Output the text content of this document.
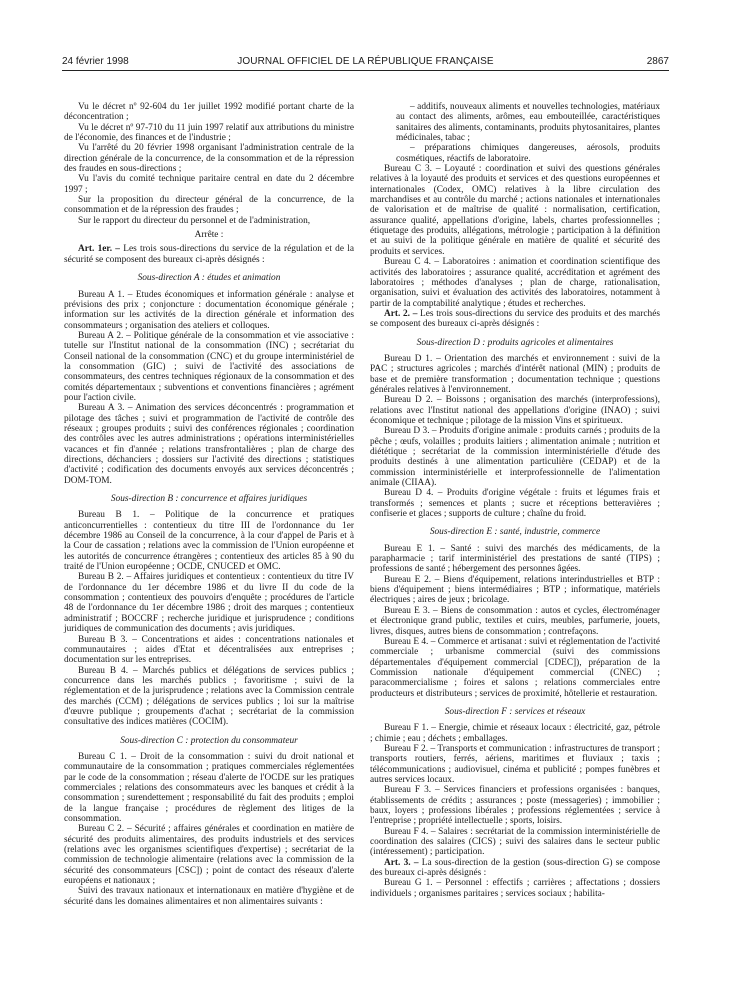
24 février 1998	JOURNAL OFFICIEL DE LA RÉPUBLIQUE FRANÇAISE	2867

Vu le décret nº 92-604 du 1er juillet 1992 modifié portant charte de la déconcentration ;

Vu le décret nº 97-710 du 11 juin 1997 relatif aux attributions du ministre de l'économie, des finances et de l'industrie ;

Vu l'arrêté du 20 février 1998 organisant l'administration centrale de la direction générale de la concurrence, de la consommation et de la répression des fraudes en sous-directions ;

Vu l'avis du comité technique paritaire central en date du 2 décembre 1997 ;

Sur la proposition du directeur général de la concurrence, de la consommation et de la répression des fraudes ;

Sur le rapport du directeur du personnel et de l'administration,

Arrête :

Art. 1er. – Les trois sous-directions du service de la régulation et de la sécurité se composent des bureaux ci-après désignés :

Sous-direction A : études et animation

Bureau A 1. – Etudes économiques et information générale : analyse et prévisions des prix ; conjoncture : documentation économique générale ; information sur les activités de la direction générale et information des consommateurs ; organisation des ateliers et colloques.

Bureau A 2. – Politique générale de la consommation et vie associative : tutelle sur l'Institut national de la consommation (INC) ; secrétariat du Conseil national de la consommation (CNC) et du groupe interministériel de la consommation (GIC) ; suivi de l'activité des associations de consommateurs, des centres techniques régionaux de la consommation et des comités départementaux ; subventions et conventions financières ; agrément pour l'action civile.

Bureau A 3. – Animation des services déconcentrés : programmation et pilotage des tâches ; suivi et programmation de l'activité de contrôle des réseaux ; groupes produits ; suivi des conférences régionales ; coordination des contrôles avec les autres administrations ; opérations interministérielles vacances et fin d'année ; relations transfrontalières ; plan de charge des directions, déchanciers ; dossiers sur l'activité des directions ; statistiques d'activité ; codification des documents envoyés aux services déconcentrés ; DOM-TOM.

Sous-direction B : concurrence et affaires juridiques

Bureau B 1. – Politique de la concurrence et pratiques anticoncurrentielles : contentieux du titre III de l'ordonnance du 1er décembre 1986 au Conseil de la concurrence, à la cour d'appel de Paris et à la Cour de cassation ; relations avec la commission de l'Union européenne et les autorités de concurrence étrangères ; contentieux des articles 85 à 90 du traité de l'Union européenne ; OCDE, CNUCED et OMC.

Bureau B 2. – Affaires juridiques et contentieux : contentieux du titre IV de l'ordonnance du 1er décembre 1986 et du livre II du code de la consommation ; contentieux des pouvoirs d'enquête ; procédures de l'article 48 de l'ordonnance du 1er décembre 1986 ; droit des marques ; contentieux administratif ; BOCCRF ; recherche juridique et jurisprudence ; conditions juridiques de communication des documents ; avis juridiques.

Bureau B 3. – Concentrations et aides : concentrations nationales et communautaires ; aides d'Etat et décentralisées aux entreprises ; documentation sur les entreprises.

Bureau B 4. – Marchés publics et délégations de services publics ; concurrence dans les marchés publics ; favoritisme ; suivi de la réglementation et de la jurisprudence ; relations avec la Commission centrale des marchés (CCM) ; délégations de services publics ; loi sur la maîtrise d'œuvre publique ; groupements d'achat ; secrétariat de la commission consultative des indices matières (COCIM).

Sous-direction C : protection du consommateur

Bureau C 1. – Droit de la consommation : suivi du droit national et communautaire de la consommation ; pratiques commerciales réglementées par le code de la consommation ; réseau d'alerte de l'OCDE sur les pratiques commerciales ; relations des consommateurs avec les banques et crédit à la consommation ; surendettement ; responsabilité du fait des produits ; emploi de la langue française ; procédures de règlement des litiges de la consommation.

Bureau C 2. – Sécurité ; affaires générales et coordination en matière de sécurité des produits alimentaires, des produits industriels et des services (relations avec les organismes scientifiques d'expertise) ; secrétariat de la commission de technologie alimentaire (relations avec la commission de la sécurité des consommateurs [CSC]) ; point de contact des réseaux d'alerte européens et nationaux ;

Suivi des travaux nationaux et internationaux en matière d'hygiène et de sécurité dans les domaines alimentaires et non alimentaires suivants :

– additifs, nouveaux aliments et nouvelles technologies, matériaux au contact des aliments, arômes, eau embouteillée, caractéristiques sanitaires des aliments, contaminants, produits phytosanitaires, plantes médicinales, tabac ;

– préparations chimiques dangereuses, aérosols, produits cosmétiques, réactifs de laboratoire.

Bureau C 3. – Loyauté : coordination et suivi des questions générales relatives à la loyauté des produits et services et des questions européennes et internationales (Codex, OMC) relatives à la libre circulation des marchandises et au contrôle du marché ; actions nationales et internationales de valorisation et de maîtrise de qualité : normalisation, certification, assurance qualité, appellations d'origine, labels, chartes professionnelles ; étiquetage des produits, allégations, métrologie ; participation à la définition et au suivi de la politique générale en matière de qualité et sécurité des produits et services.

Bureau C 4. – Laboratoires : animation et coordination scientifique des activités des laboratoires ; assurance qualité, accréditation et agrément des laboratoires ; méthodes d'analyses ; plan de charge, rationalisation, organisation, suivi et évaluation des activités des laboratoires, notamment à partir de la comptabilité analytique ; études et recherches.

Art. 2. – Les trois sous-directions du service des produits et des marchés se composent des bureaux ci-après désignés :

Sous-direction D : produits agricoles et alimentaires

Bureau D 1. – Orientation des marchés et environnement : suivi de la PAC ; structures agricoles ; marchés d'intérêt national (MIN) ; produits de base et de première transformation ; documentation technique ; questions générales relatives à l'environnement.

Bureau D 2. – Boissons ; organisation des marchés (interprofessions), relations avec l'Institut national des appellations d'origine (INAO) ; suivi économique et technique ; pilotage de la mission Vins et spiritueux.

Bureau D 3. – Produits d'origine animale : produits carnés ; produits de la pêche ; œufs, volailles ; produits laitiers ; alimentation animale ; nutrition et diététique ; secrétariat de la commission interministérielle d'étude des produits destinés à une alimentation particulière (CEDAP) et de la commission interministérielle et interprofessionnelle de l'alimentation animale (CIIAA).

Bureau D 4. – Produits d'origine végétale : fruits et légumes frais et transformés ; semences et plants ; sucre et réceptions betteravières ; confiserie et glaces ; supports de culture ; chaîne du froid.

Sous-direction E : santé, industrie, commerce

Bureau E 1. – Santé : suivi des marchés des médicaments, de la parapharmacie ; tarif interministériel des prestations de santé (TIPS) ; professions de santé ; hébergement des personnes âgées.

Bureau E 2. – Biens d'équipement, relations interindustrielles et BTP : biens d'équipement ; biens intermédiaires ; BTP ; informatique, matériels électriques ; aires de jeux ; bricolage.

Bureau E 3. – Biens de consommation : autos et cycles, électroménager et électronique grand public, textiles et cuirs, meubles, parfumerie, jouets, livres, disques, autres biens de consommation ; contrefaçons.

Bureau E 4. – Commerce et artisanat : suivi et réglementation de l'activité commerciale ; urbanisme commercial (suivi des commissions départementales d'équipement commercial [CDEC]), préparation de la Commission nationale d'équipement commercial (CNEC) ; paracommercialisme ; foires et salons ; relations commerciales entre producteurs et distributeurs ; services de proximité, hôtellerie et restauration.

Sous-direction F : services et réseaux

Bureau F 1. – Energie, chimie et réseaux locaux : électricité, gaz, pétrole ; chimie ; eau ; déchets ; emballages.

Bureau F 2. – Transports et communication : infrastructures de transport ; transports routiers, ferrés, aériens, maritimes et fluviaux ; taxis ; télécommunications ; audiovisuel, cinéma et publicité ; pompes funèbres et autres services locaux.

Bureau F 3. – Services financiers et professions organisées : banques, établissements de crédits ; assurances ; poste (messageries) ; immobilier ; baux, loyers ; professions libérales ; professions réglementées ; service à l'entreprise ; propriété intellectuelle ; sports, loisirs.

Bureau F 4. – Salaires : secrétariat de la commission interministérielle de coordination des salaires (CICS) ; suivi des salaires dans le secteur public (intéressement) ; participation.

Art. 3. – La sous-direction de la gestion (sous-direction G) se compose des bureaux ci-après désignés :

Bureau G 1. – Personnel : effectifs ; carrières ; affectations ; dossiers individuels ; organismes paritaires ; services sociaux ; habilita-
